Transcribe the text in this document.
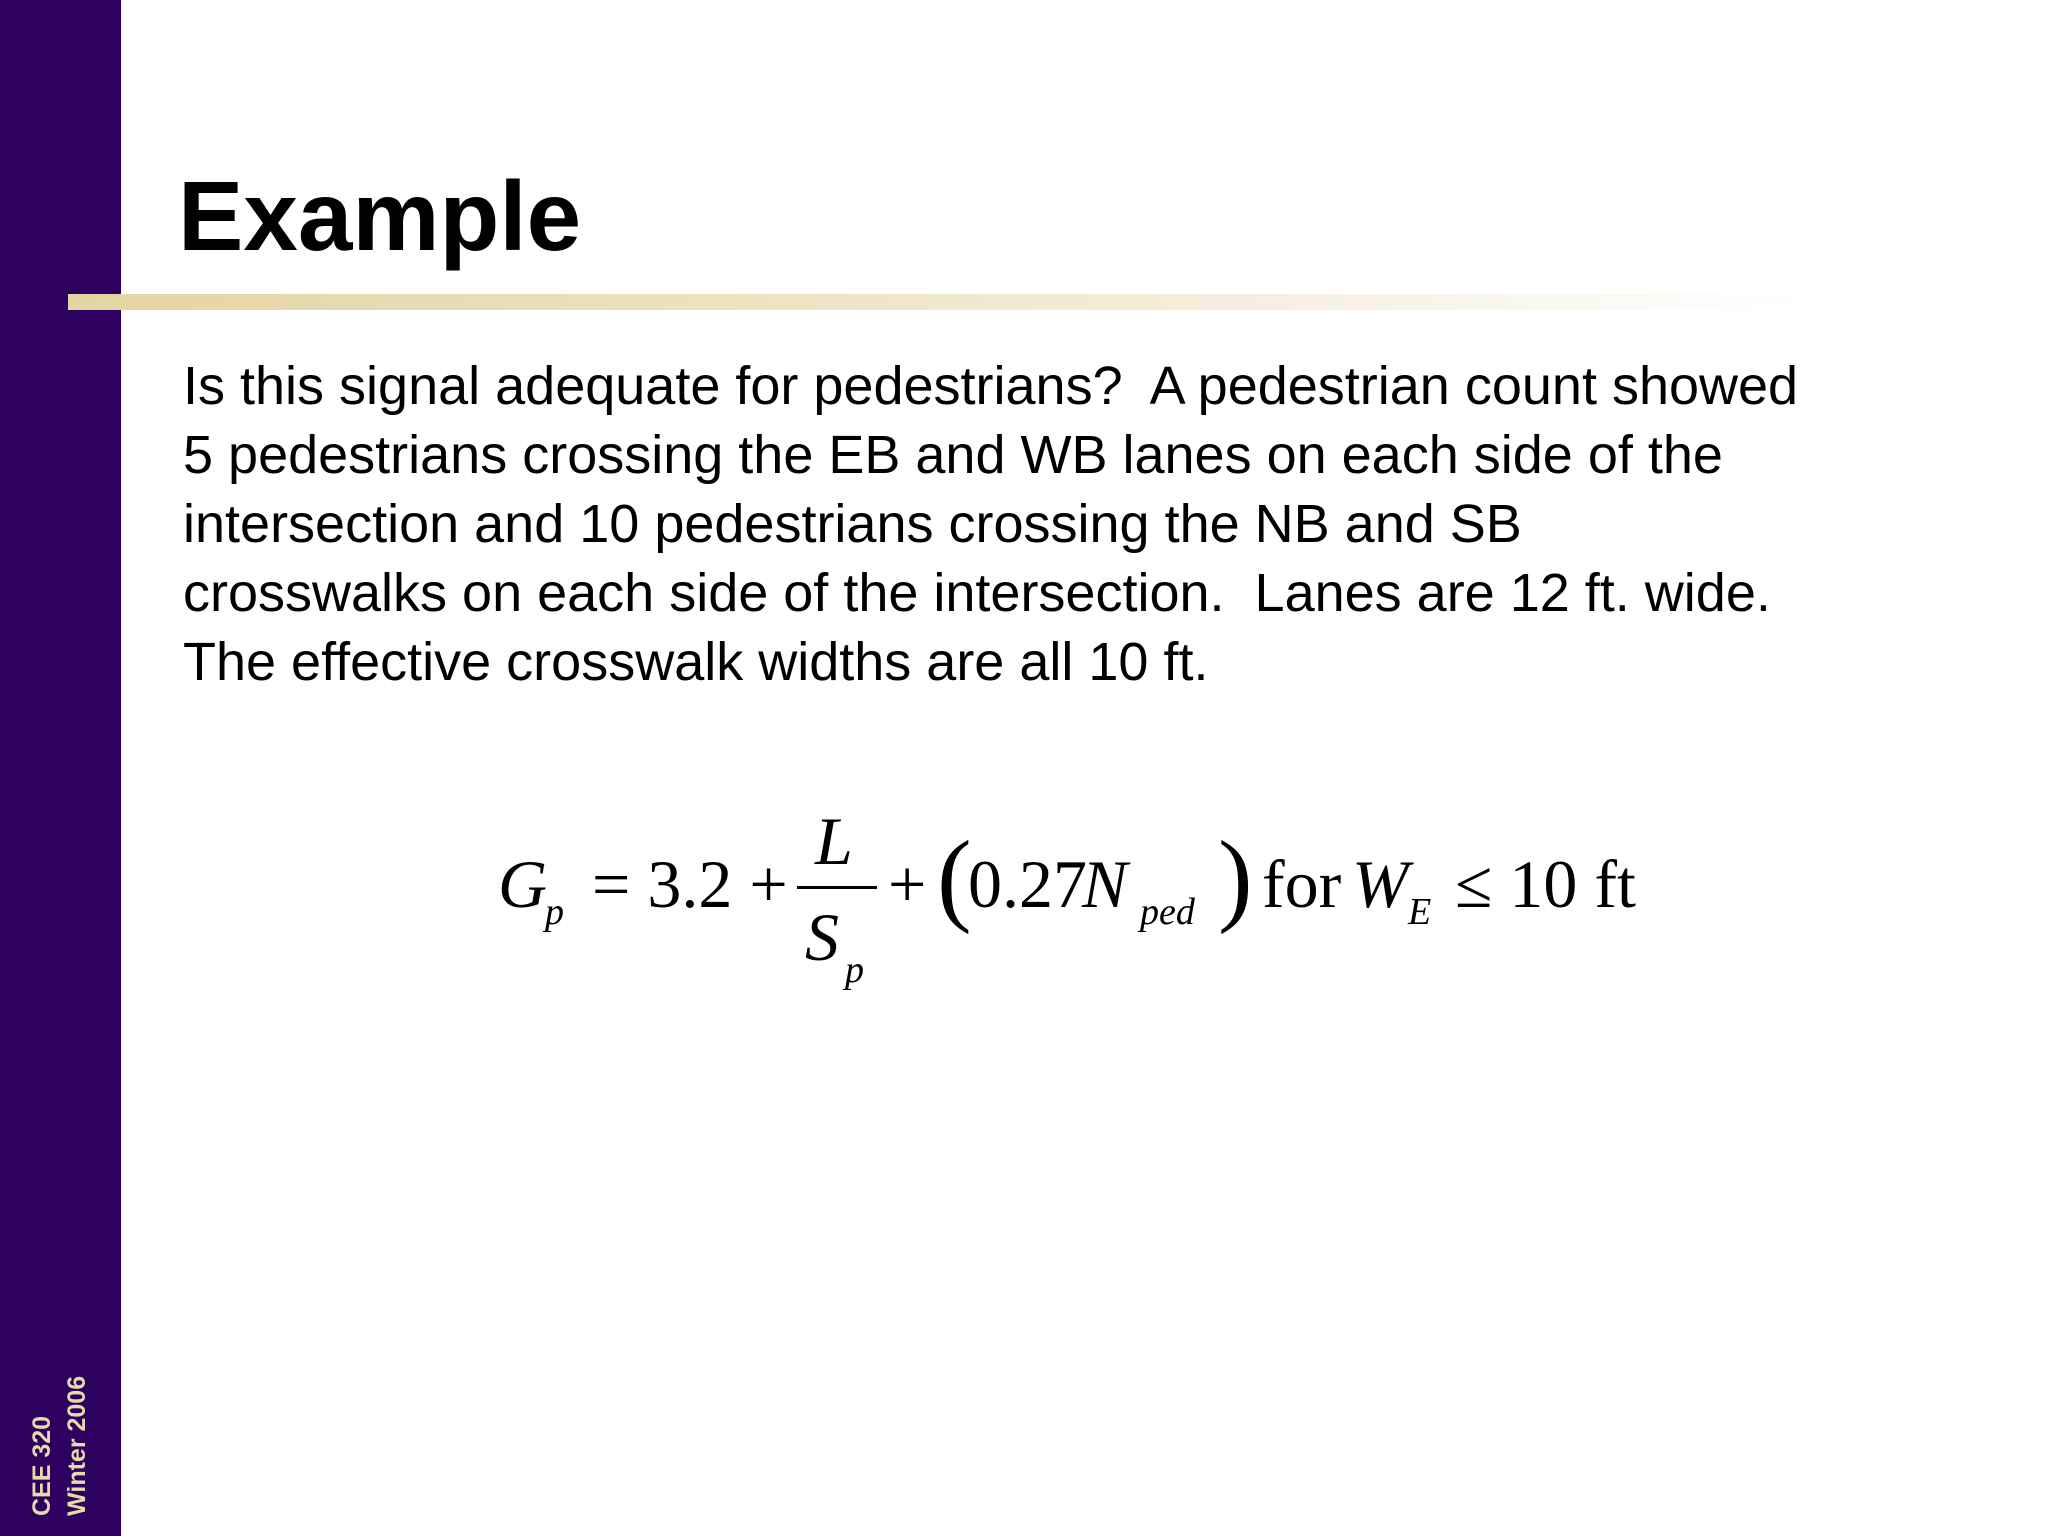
CEE 320 Winter 2006
Example
Is this signal adequate for pedestrians?  A pedestrian count showed
5 pedestrians crossing the EB and WB lanes on each side of the
intersection and 10 pedestrians crossing the NB and SB
crosswalks on each side of the intersection.  Lanes are 12 ft. wide.
The effective crosswalk widths are all 10 ft.
G
p = 3.2 +
L
S p
+ (
0.27
N ped ) for W E ≤ 10 ft
